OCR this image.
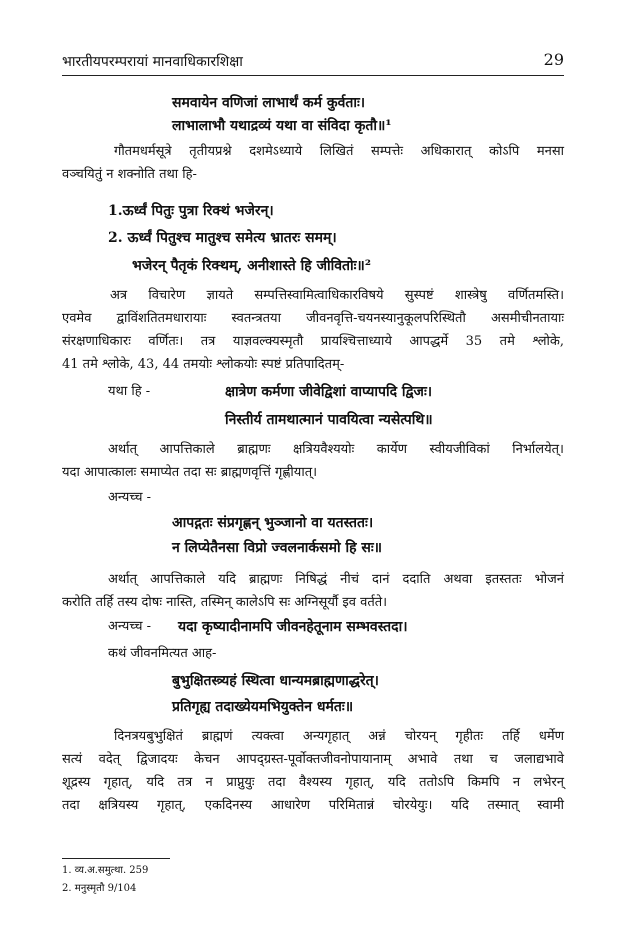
भारतीयपरम्परायां मानवाधिकारशिक्षा	29
समवायेन वणिजां लाभार्थं कर्म कुर्वताः।
लाभालाभौ यथाद्रव्यं यथा वा संविदा कृतौ॥¹
गौतमधर्मसूत्रे तृतीयप्रश्ने दशमेऽध्याये लिखितं सम्पत्तेः अधिकारात् कोऽपि मनसा
वञ्चयितुं न शक्नोति तथा हि-
1.ऊर्ध्वं पितुः पुत्रा रिक्थं भजेरन्।
2. ऊर्ध्वं पितुश्च मातुश्च समेत्य भ्रातरः समम्।
भजेरन् पैतृकं रिक्थम्, अनीशास्ते हि जीवितोः॥²
अत्र विचारेण ज्ञायते सम्पत्तिस्वामित्वाधिकारविषये सुस्पष्टं शास्त्रेषु वर्णितमस्ति।
एवमेव द्वाविंशतितमधारायाः स्वतन्त्रतया जीवनवृत्ति-चयनस्यानुकूलपरिस्थितौ असमीचीनतायाः
संरक्षणाधिकारः वर्णितः। तत्र याज्ञवल्क्यस्मृतौ प्रायश्चित्ताध्याये आपद्धर्मे 35 तमे श्लोके,
41 तमे श्लोके, 43, 44 तमयोः श्लोकयोः स्पष्टं प्रतिपादितम्-
यथा हि -	क्षात्रेण कर्मणा जीवेद्विशां वाप्यापदि द्विजः।
निस्तीर्य तामथात्मानं पावयित्वा न्यसेत्पथि॥
अर्थात् आपत्तिकाले ब्राह्मणः क्षत्रियवैश्ययोः कार्येण स्वीयजीविकां निर्भालयेत्।
यदा आपात्कालः समाप्येत तदा सः ब्राह्मणवृत्तिं गृह्णीयात्।
अन्यच्च -
आपद्गतः संप्रगृह्णन् भुञ्जानो वा यतस्ततः।
न लिप्येतैनसा विप्रो ज्वलनार्कसमो हि सः॥
अर्थात् आपत्तिकाले यदि ब्राह्मणः निषिद्धं नीचं दानं ददाति अथवा इतस्ततः भोजनं
करोति तर्हि तस्य दोषः नास्ति, तस्मिन् कालेऽपि सः अग्निसूर्यौ इव वर्तते।
अन्यच्च - यदा कृष्यादीनामपि जीवनहेतूनाम सम्भवस्तदा।
कथं जीवनमित्यत आह-
बुभुक्षितस्त्र्यहं स्थित्वा धान्यमब्राह्मणाद्धरेत्।
प्रतिगृह्य तदाख्येयमभियुक्तेन धर्मतः॥
दिनत्रयबुभुक्षितं ब्राह्मणं त्यक्त्वा अन्यगृहात् अन्नं चोरयन् गृहीतः तर्हि धर्मेण
सत्यं वदेत् द्विजादयः केचन आपद्ग्रस्त-पूर्वोक्तजीवनोपायानाम् अभावे तथा च जलाद्यभावे
शूद्रस्य गृहात्, यदि तत्र न प्राप्नुयुः तदा वैश्यस्य गृहात्, यदि ततोऽपि किमपि न लभेरन्
तदा क्षत्रियस्य गृहात्, एकदिनस्य आधारेण परिमितान्नं चोरयेयुः। यदि तस्मात् स्वामी
1. व्य.अ.समुत्था. 259
2. मनुस्मृतौ 9/104
